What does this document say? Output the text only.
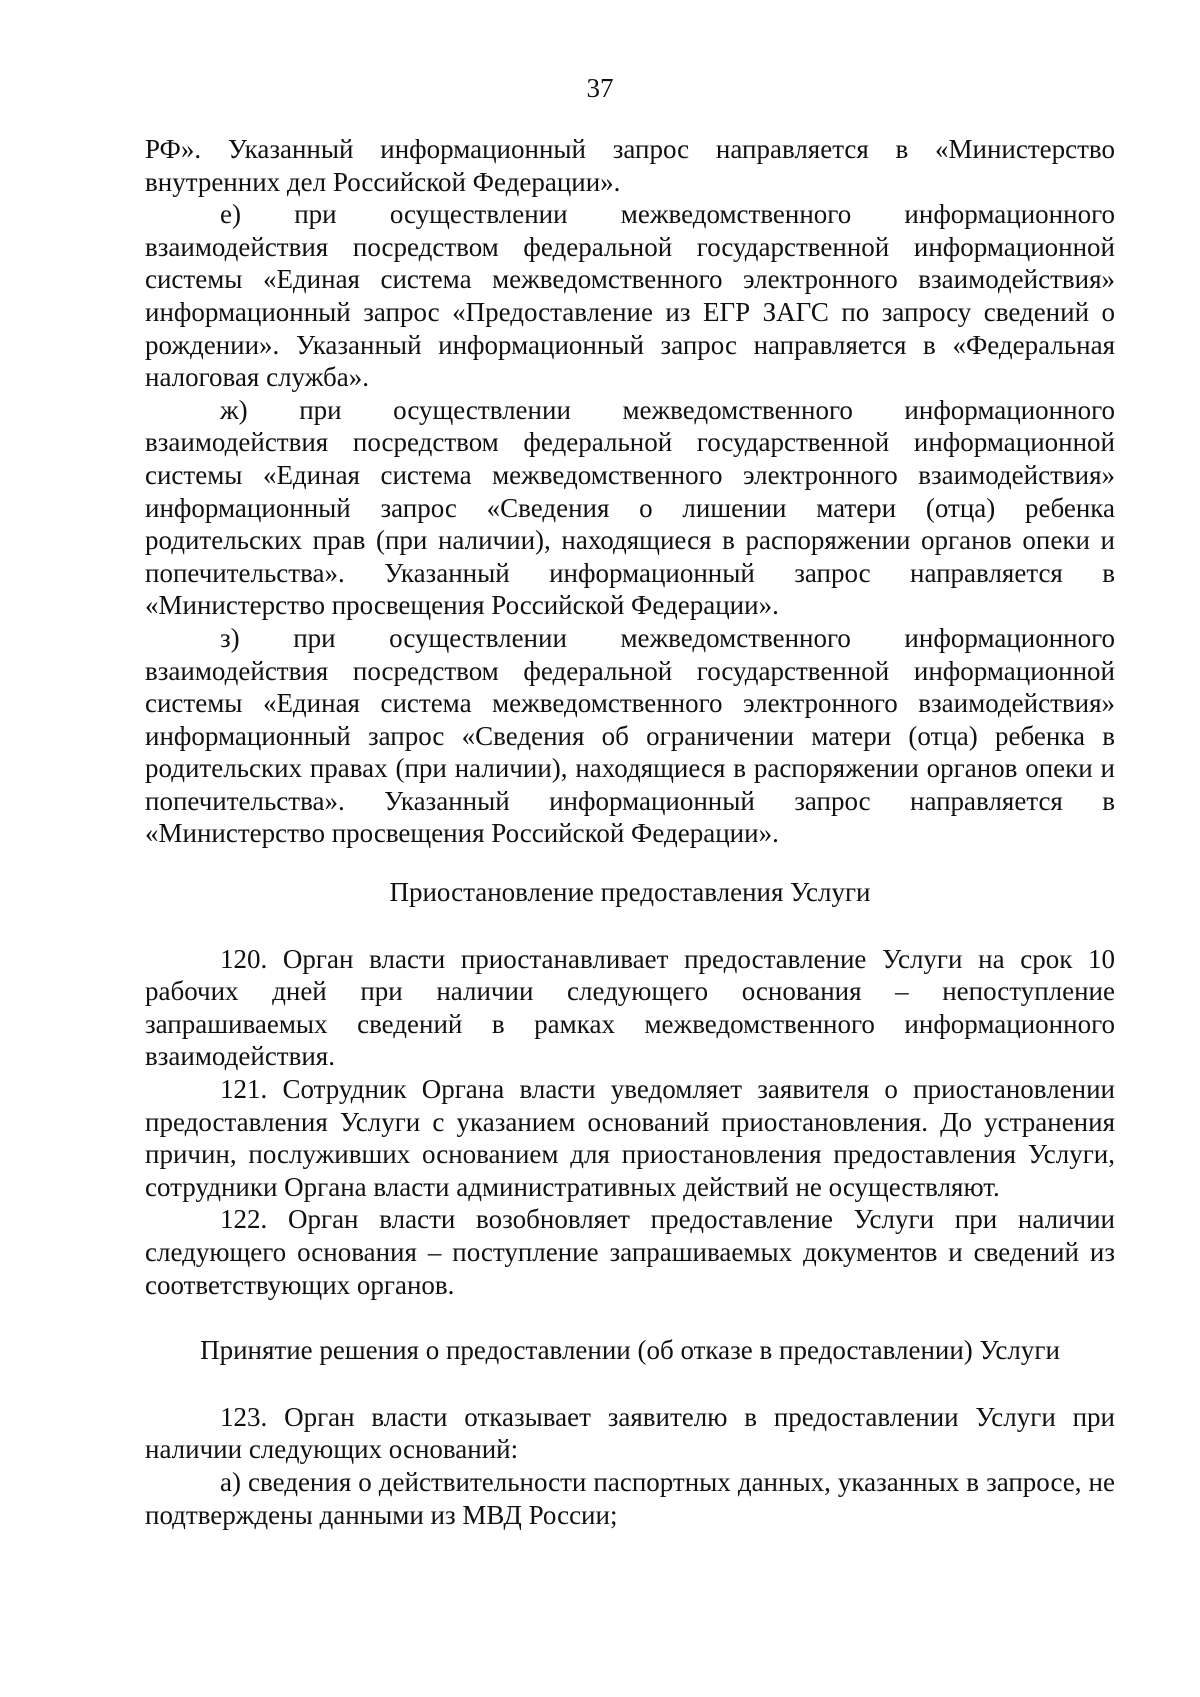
37

РФ». Указанный информационный запрос направляется в «Министерство внутренних дел Российской Федерации».

е) при осуществлении межведомственного информационного взаимодействия посредством федеральной государственной информационной системы «Единая система межведомственного электронного взаимодействия» информационный запрос «Предоставление из ЕГР ЗАГС по запросу сведений о рождении». Указанный информационный запрос направляется в «Федеральная налоговая служба».

ж) при осуществлении межведомственного информационного взаимодействия посредством федеральной государственной информационной системы «Единая система межведомственного электронного взаимодействия» информационный запрос «Сведения о лишении матери (отца) ребенка родительских прав (при наличии), находящиеся в распоряжении органов опеки и попечительства». Указанный информационный запрос направляется в «Министерство просвещения Российской Федерации».

з) при осуществлении межведомственного информационного взаимодействия посредством федеральной государственной информационной системы «Единая система межведомственного электронного взаимодействия» информационный запрос «Сведения об ограничении матери (отца) ребенка в родительских правах (при наличии), находящиеся в распоряжении органов опеки и попечительства». Указанный информационный запрос направляется в «Министерство просвещения Российской Федерации».

Приостановление предоставления Услуги

120. Орган власти приостанавливает предоставление Услуги на срок 10 рабочих дней при наличии следующего основания – непоступление запрашиваемых сведений в рамках межведомственного информационного взаимодействия.

121. Сотрудник Органа власти уведомляет заявителя о приостановлении предоставления Услуги с указанием оснований приостановления. До устранения причин, послуживших основанием для приостановления предоставления Услуги, сотрудники Органа власти административных действий не осуществляют.

122. Орган власти возобновляет предоставление Услуги при наличии следующего основания – поступление запрашиваемых документов и сведений из соответствующих органов.

Принятие решения о предоставлении (об отказе в предоставлении) Услуги

123. Орган власти отказывает заявителю в предоставлении Услуги при наличии следующих оснований:

а) сведения о действительности паспортных данных, указанных в запросе, не подтверждены данными из МВД России;
